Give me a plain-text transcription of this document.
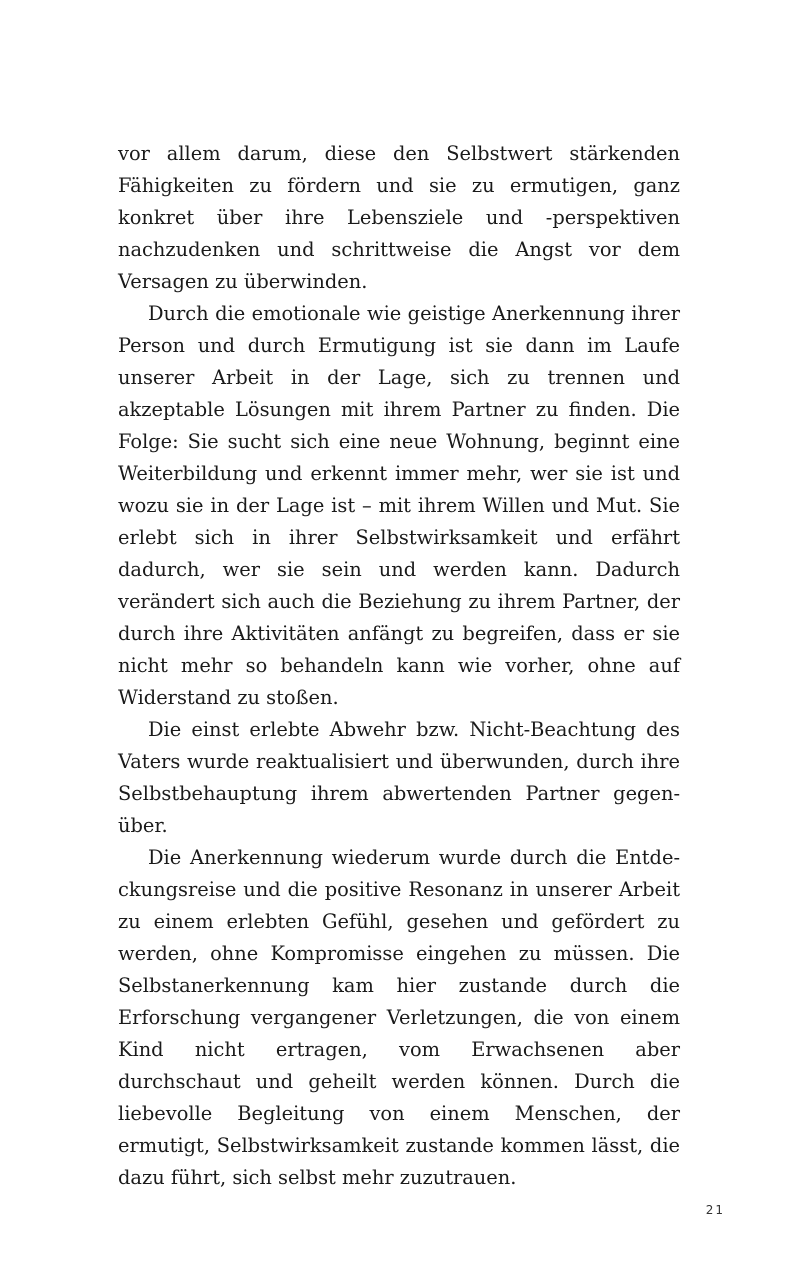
vor allem darum, diese den Selbstwert stärkenden Fähigkeiten zu fördern und sie zu ermutigen, ganz konkret über ihre Lebensziele und -perspektiven nachzudenken und schrittweise die Angst vor dem Versagen zu überwinden.

Durch die emotionale wie geistige Anerkennung ihrer Person und durch Ermutigung ist sie dann im Laufe unserer Arbeit in der Lage, sich zu trennen und akzeptable Lösungen mit ihrem Partner zu finden. Die Folge: Sie sucht sich eine neue Wohnung, beginnt eine Weiterbildung und erkennt immer mehr, wer sie ist und wozu sie in der Lage ist – mit ihrem Willen und Mut. Sie erlebt sich in ihrer Selbstwirksamkeit und erfährt dadurch, wer sie sein und werden kann. Dadurch verändert sich auch die Beziehung zu ihrem Partner, der durch ihre Aktivitäten anfängt zu begreifen, dass er sie nicht mehr so behandeln kann wie vorher, ohne auf Widerstand zu stoßen.

Die einst erlebte Abwehr bzw. Nicht-Beachtung des Vaters wurde reaktualisiert und überwunden, durch ihre Selbstbehauptung ihrem abwertenden Partner gegenüber.

Die Anerkennung wiederum wurde durch die Entdeckungsreise und die positive Resonanz in unserer Arbeit zu einem erlebten Gefühl, gesehen und gefördert zu werden, ohne Kompromisse eingehen zu müssen. Die Selbstanerkennung kam hier zustande durch die Erforschung vergangener Verletzungen, die von einem Kind nicht ertragen, vom Erwachsenen aber durchschaut und geheilt werden können. Durch die liebevolle Begleitung von einem Menschen, der ermutigt, Selbstwirksamkeit zustande kommen lässt, die dazu führt, sich selbst mehr zuzutrauen.

21
